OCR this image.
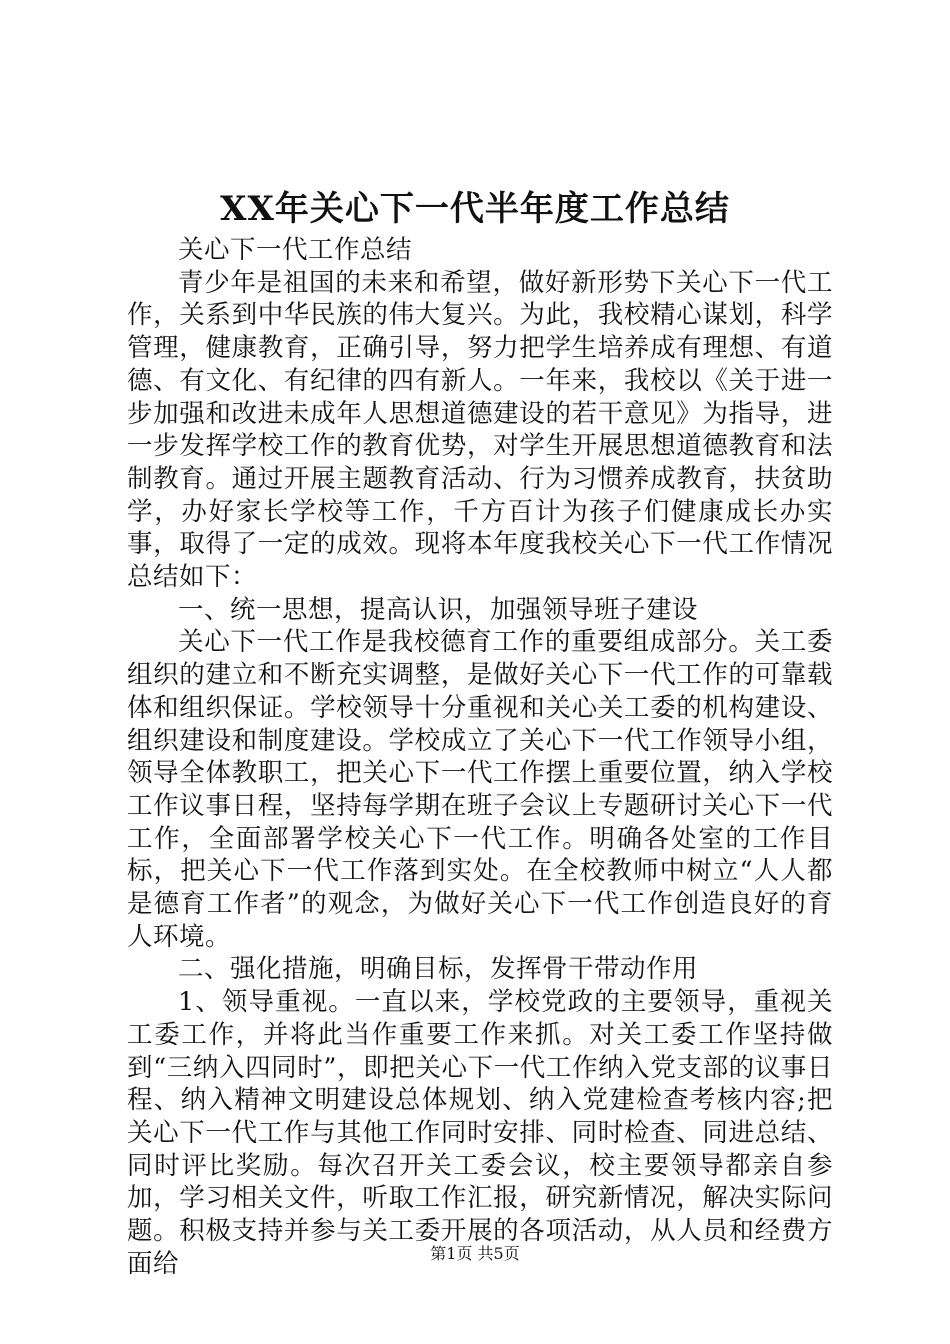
XX年关心下一代半年度工作总结

关心下一代工作总结

青少年是祖国的未来和希望，做好新形势下关心下一代工作，关系到中华民族的伟大复兴。为此，我校精心谋划，科学管理，健康教育，正确引导，努力把学生培养成有理想、有道德、有文化、有纪律的四有新人。一年来，我校以《关于进一步加强和改进未成年人思想道德建设的若干意见》为指导，进一步发挥学校工作的教育优势，对学生开展思想道德教育和法制教育。通过开展主题教育活动、行为习惯养成教育，扶贫助学，办好家长学校等工作，千方百计为孩子们健康成长办实事，取得了一定的成效。现将本年度我校关心下一代工作情况总结如下：

一、统一思想，提高认识，加强领导班子建设

关心下一代工作是我校德育工作的重要组成部分。关工委组织的建立和不断充实调整，是做好关心下一代工作的可靠载体和组织保证。学校领导十分重视和关心关工委的机构建设、组织建设和制度建设。学校成立了关心下一代工作领导小组，领导全体教职工，把关心下一代工作摆上重要位置，纳入学校工作议事日程，坚持每学期在班子会议上专题研讨关心下一代工作，全面部署学校关心下一代工作。明确各处室的工作目标，把关心下一代工作落到实处。在全校教师中树立“人人都是德育工作者”的观念，为做好关心下一代工作创造良好的育人环境。

二、强化措施，明确目标，发挥骨干带动作用

1、领导重视。一直以来，学校党政的主要领导，重视关工委工作，并将此当作重要工作来抓。对关工委工作坚持做到“三纳入四同时”，即把关心下一代工作纳入党支部的议事日程、纳入精神文明建设总体规划、纳入党建检查考核内容;把关心下一代工作与其他工作同时安排、同时检查、同进总结、同时评比奖励。每次召开关工委会议，校主要领导都亲自参加，学习相关文件，听取工作汇报，研究新情况，解决实际问题。积极支持并参与关工委开展的各项活动，从人员和经费方面给	第1页 共5页
